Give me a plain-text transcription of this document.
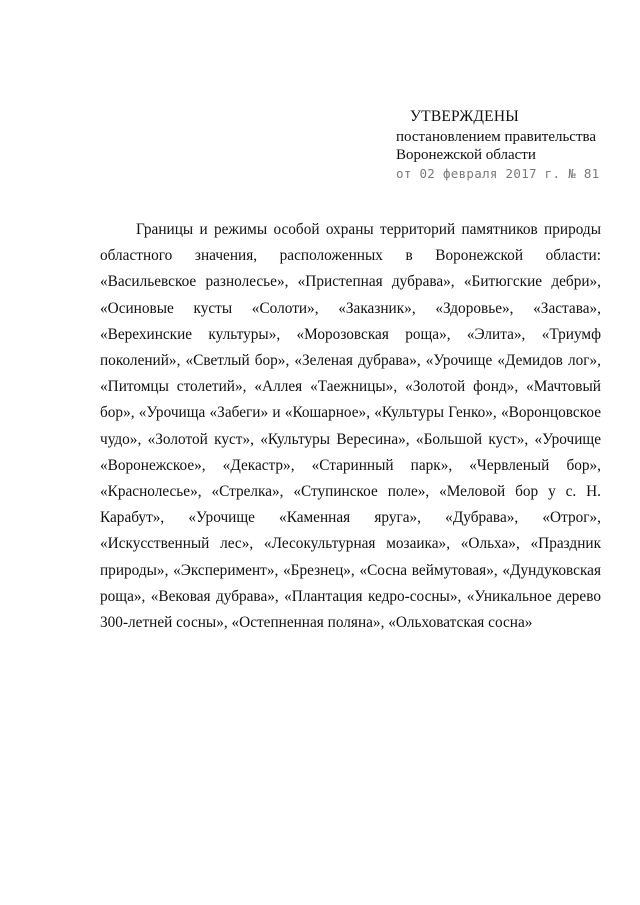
УТВЕРЖДЕНЫ
постановлением правительства
Воронежской области
от 02 февраля 2017 г. № 81

Границы и режимы особой охраны территорий памятников природы областного значения, расположенных в Воронежской области: «Васильевское разнолесье», «Пристепная дубрава», «Битюгские дебри», «Осиновые кусты «Солоти», «Заказник», «Здоровье», «Застава», «Верехинские культуры», «Морозовская роща», «Элита», «Триумф поколений», «Светлый бор», «Зеленая дубрава», «Урочище «Демидов лог», «Питомцы столетий», «Аллея «Таежницы», «Золотой фонд», «Мачтовый бор», «Урочища «Забеги» и «Кошарное», «Культуры Генко», «Воронцовское чудо», «Золотой куст», «Культуры Вересина», «Большой куст», «Урочище «Воронежское», «Декастр», «Старинный парк», «Червленый бор», «Краснолесье», «Стрелка», «Ступинское поле», «Меловой бор у с. Н. Карабут», «Урочище «Каменная яруга», «Дубрава», «Отрог», «Искусственный лес», «Лесокультурная мозаика», «Ольха», «Праздник природы», «Эксперимент», «Брезнец», «Сосна веймутовая», «Дундуковская роща», «Вековая дубрава», «Плантация кедро-сосны», «Уникальное дерево 300-летней сосны», «Остепненная поляна», «Ольховатская сосна»
